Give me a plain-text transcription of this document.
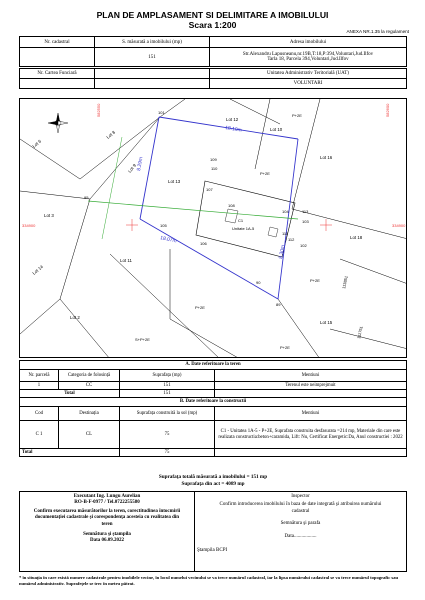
PLAN DE AMPLASAMENT SI DELIMITARE A IMOBILULUI
Scara 1:200
ANEXA NR.1.35 la regulament
Nr. cadastral	S. măsurată a imobilului (mp)	Adresa imobilului
	151	Str.Alexandru Lapusneanu,nr.19B,T:18,P:394,Voluntari,Jud.Ilfov
Tarla 18, Parcela 394,Voluntari,Jud.Ilfov
Nr. Cartea Funciară		Unitatea Administrativ Teritorială (UAT)
		VOLUNTARI
582550	582600
334900	334900
18.10m
18.07m
8.29m
8.30m
101
102
103
104
105
106
107
108
109
110
111
112
113
89
90
95
Lot 13
Lot 12
Lot 11
Lot 10
Lot 8
Lot 9
Lot 6
Lot 14
Lot 3
Lot 2
Lot 15
Lot 16
Lot 18
C1
Unitate 1A-5
P+2E
P+2E
P+2E
S+P+2E
P+2E
P+2E
113851
111751
A. Date referitoare la teren			
Nr. parcelă	Categoria de folosință	Suprafața (mp)	Mentiuni
1	CC	151	Terenul este neimprejmuit
Total		151	
B. Date referitoare la constructii			
Cod	Destinația	Suprafața construită la sol (mp)	Mentiuni
C 1	CL	75	C1 - Unitatea 1A-5 - P+2E, Suprafata construita desfasurata =214 mp, Materiale din care este realizata constructia:beton+caramida, Lift: Nu, Certificat Energetic:Da, Anul constructiei : 2022
Total		75	
Suprafaţa totală măsurată a imobilului = 151 mp
Suprafaţa din act = 4089 mp
Executant Ing. Lungu Aurelian
RO-B-F-0977 / Tel.0722255580
Confirm executarea măsurătorilor la teren, corectitudinea întocmirii documentaţiei cadastrale şi corespondenţa acesteia cu realitatea din teren
Semnătura şi ştampila
Data 06.09.2022

Inspector
Confirm introducerea imobilului în baza de date integrată şi atribuirea numărului cadastral
Semnătura şi parafa
Data..................
Ştampila BCPI
* în situaţia în care există numere cadastrale pentru imobilele vecine, în locul numelui vecinului se va trece numărul cadastral, iar la lipsa numărului cadastral se va trece numărul topografic sau numărul administrativ. Suprafeţele se trec în metru pătrat.
